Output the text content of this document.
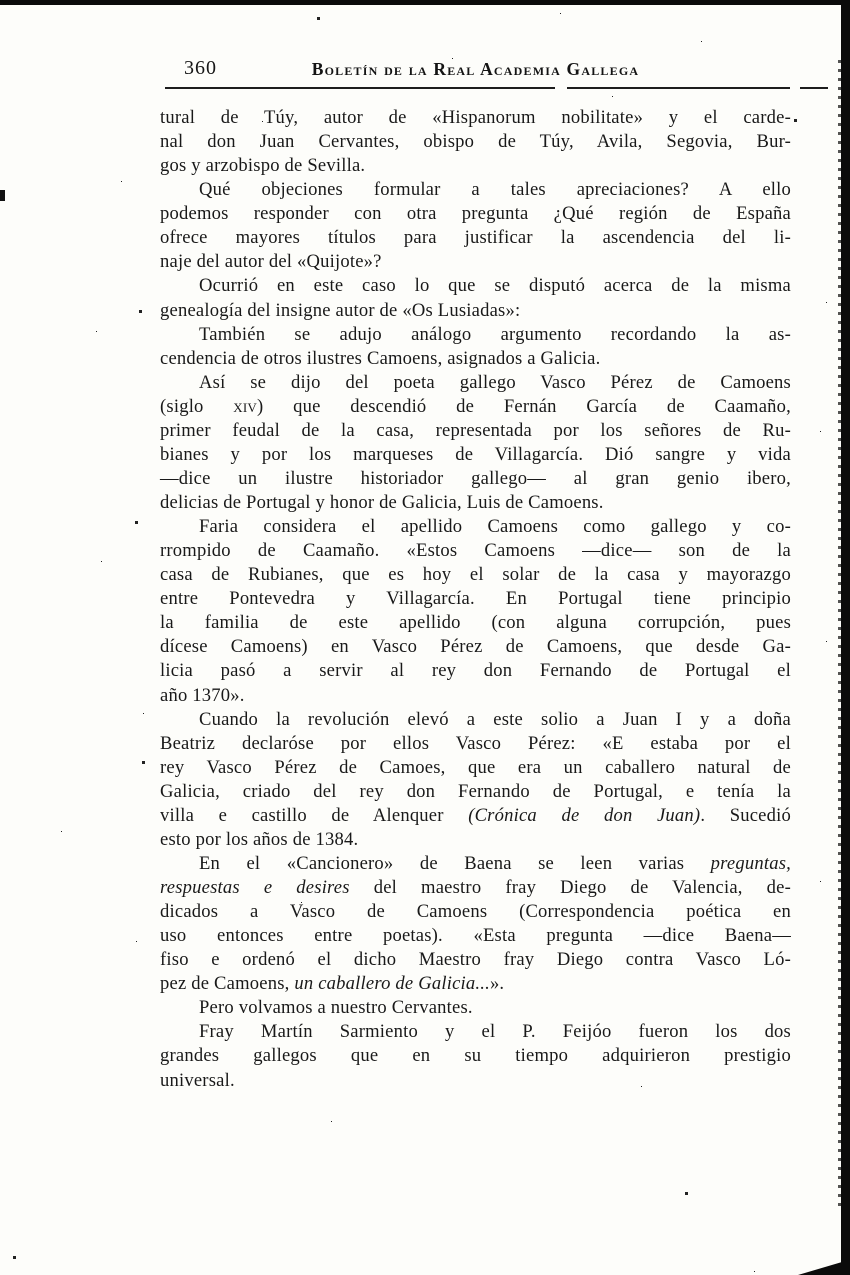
360	Boletín de la Real Academia Gallega
tural de Túy, autor de «Hispanorum nobilitate» y el carde-
nal don Juan Cervantes, obispo de Túy, Avila, Segovia, Bur-
gos y arzobispo de Sevilla.
Qué objeciones formular a tales apreciaciones? A ello
podemos responder con otra pregunta ¿Qué región de España
ofrece mayores títulos para justificar la ascendencia del li-
naje del autor del «Quijote»?
Ocurrió en este caso lo que se disputó acerca de la misma
genealogía del insigne autor de «Os Lusiadas»:
También se adujo análogo argumento recordando la as-
cendencia de otros ilustres Camoens, asignados a Galicia.
Así se dijo del poeta gallego Vasco Pérez de Camoens
(siglo xiv) que descendió de Fernán García de Caamaño,
primer feudal de la casa, representada por los señores de Ru-
bianes y por los marqueses de Villagarcía. Dió sangre y vida
—dice un ilustre historiador gallego— al gran genio ibero,
delicias de Portugal y honor de Galicia, Luis de Camoens.
Faria considera el apellido Camoens como gallego y co-
rrompido de Caamaño. «Estos Camoens —dice— son de la
casa de Rubianes, que es hoy el solar de la casa y mayorazgo
entre Pontevedra y Villagarcía. En Portugal tiene principio
la familia de este apellido (con alguna corrupción, pues
dícese Camoens) en Vasco Pérez de Camoens, que desde Ga-
licia pasó a servir al rey don Fernando de Portugal el
año 1370».
Cuando la revolución elevó a este solio a Juan I y a doña
Beatriz declaróse por ellos Vasco Pérez: «E estaba por el
rey Vasco Pérez de Camoes, que era un caballero natural de
Galicia, criado del rey don Fernando de Portugal, e tenía la
villa e castillo de Alenquer (Crónica de don Juan). Sucedió
esto por los años de 1384.
En el «Cancionero» de Baena se leen varias preguntas,
respuestas e desires del maestro fray Diego de Valencia, de-
dicados a Vasco de Camoens (Correspondencia poética en
uso entonces entre poetas). «Esta pregunta —dice Baena—
fiso e ordenó el dicho Maestro fray Diego contra Vasco Ló-
pez de Camoens, un caballero de Galicia...».
Pero volvamos a nuestro Cervantes.
Fray Martín Sarmiento y el P. Feijóo fueron los dos
grandes gallegos que en su tiempo adquirieron prestigio
universal.
